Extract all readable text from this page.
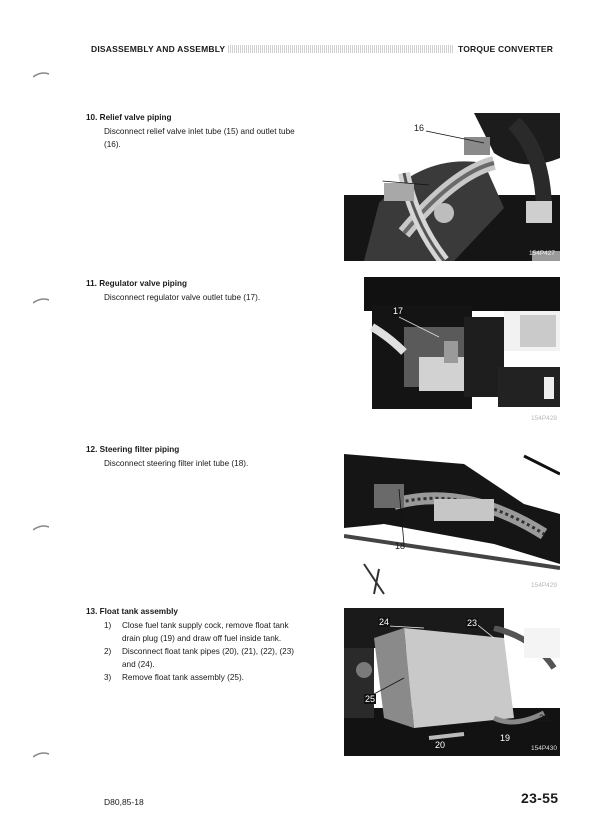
DISASSEMBLY AND ASSEMBLY	TORQUE CONVERTER
10. Relief valve piping
Disconnect relief valve inlet tube (15) and outlet tube
(16).
16
15
154P427
11. Regulator valve piping
Disconnect regulator valve outlet tube (17).
17
154P428
12. Steering filter piping
Disconnect steering filter inlet tube (18).
18
154P429
13. Float tank assembly
1) Close fuel tank supply cock, remove float tank
drain plug (19) and draw off fuel inside tank.
2) Disconnect float tank pipes (20), (21), (22), (23)
and (24).
3) Remove float tank assembly (25).
24	23 22
25
21
19
20	154P430
D80,85-18	23-55
